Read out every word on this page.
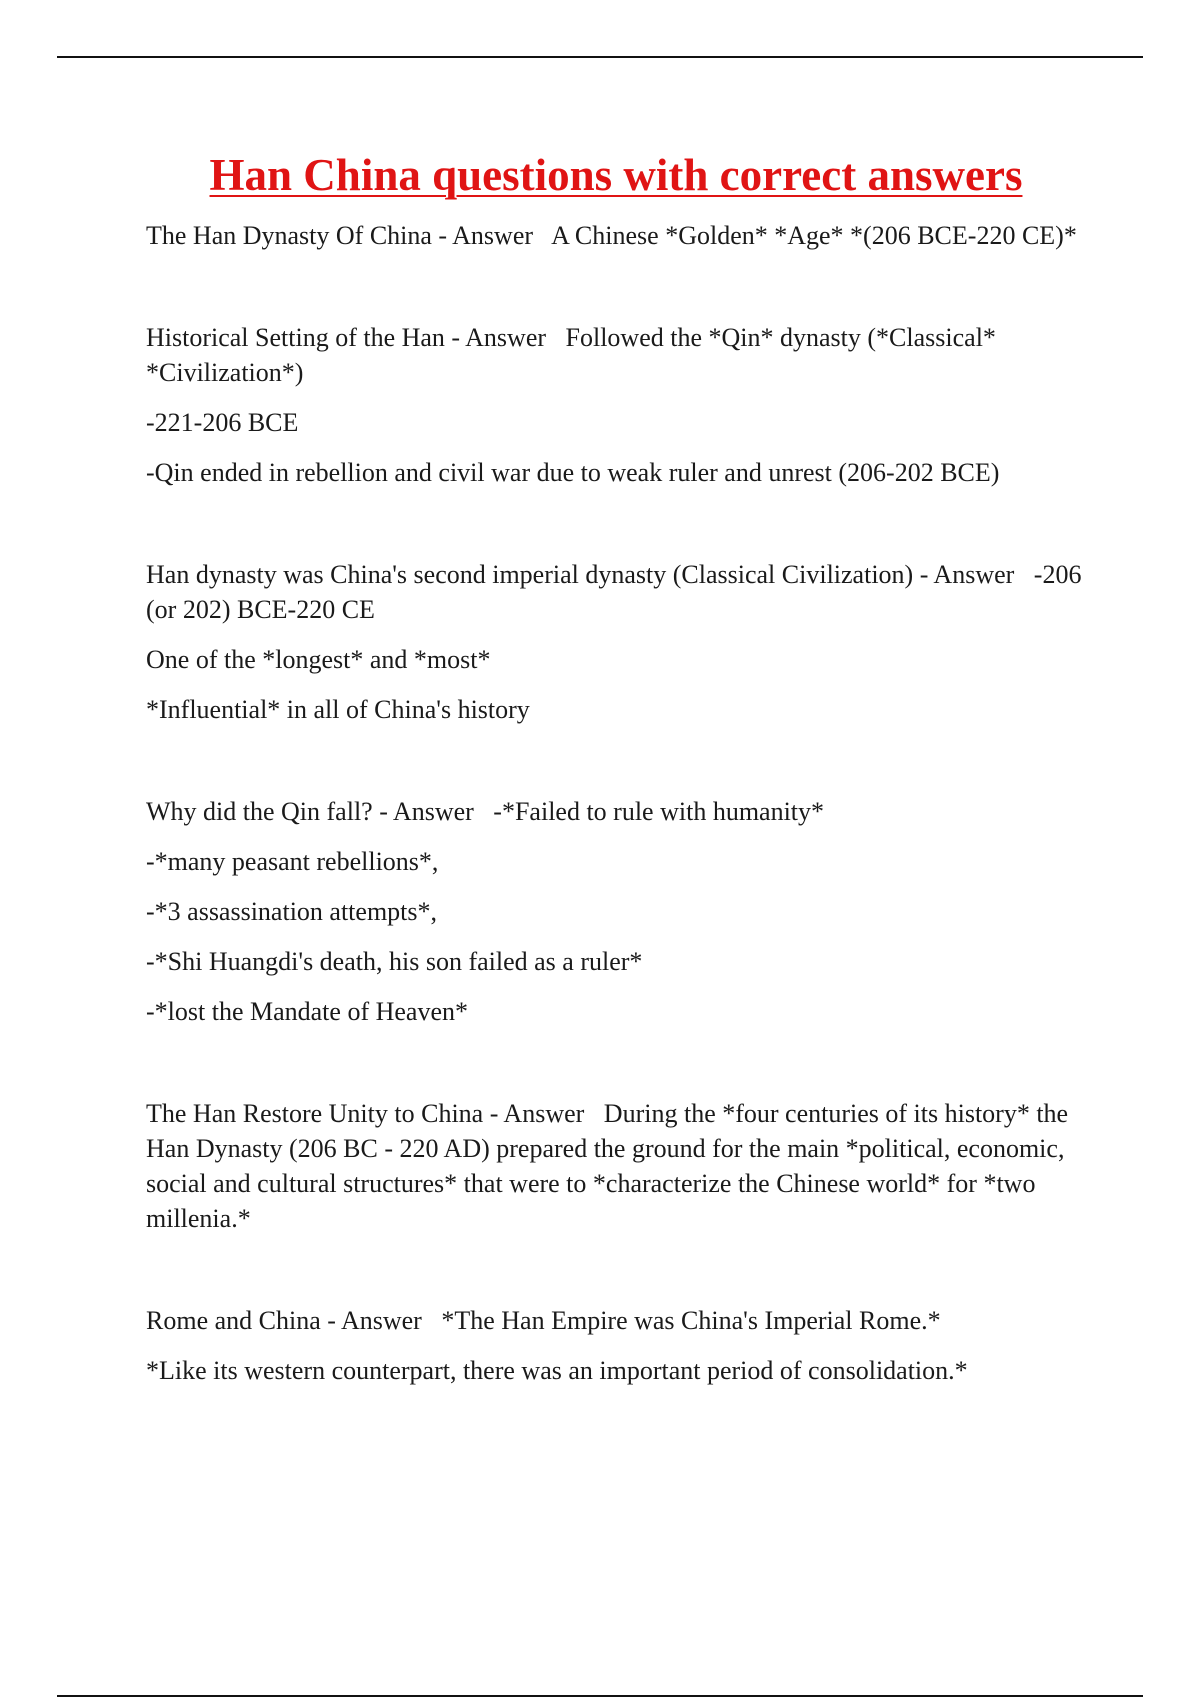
Han China questions with correct answers

The Han Dynasty Of China - Answer   A Chinese *Golden* *Age* *(206 BCE-220 CE)*

Historical Setting of the Han - Answer   Followed the *Qin* dynasty (*Classical* *Civilization*)

-221-206 BCE

-Qin ended in rebellion and civil war due to weak ruler and unrest (206-202 BCE)

Han dynasty was China's second imperial dynasty (Classical Civilization) - Answer   -206 (or 202) BCE-220 CE

One of the *longest* and *most*

*Influential* in all of China's history

Why did the Qin fall? - Answer   -*Failed to rule with humanity*

-*many peasant rebellions*,

-*3 assassination attempts*,

-*Shi Huangdi's death, his son failed as a ruler*

-*lost the Mandate of Heaven*

The Han Restore Unity to China - Answer   During the *four centuries of its history* the Han Dynasty (206 BC - 220 AD) prepared the ground for the main *political, economic, social and cultural structures* that were to *characterize the Chinese world* for *two millenia.*

Rome and China - Answer   *The Han Empire was China's Imperial Rome.*

*Like its western counterpart, there was an important period of consolidation.*
